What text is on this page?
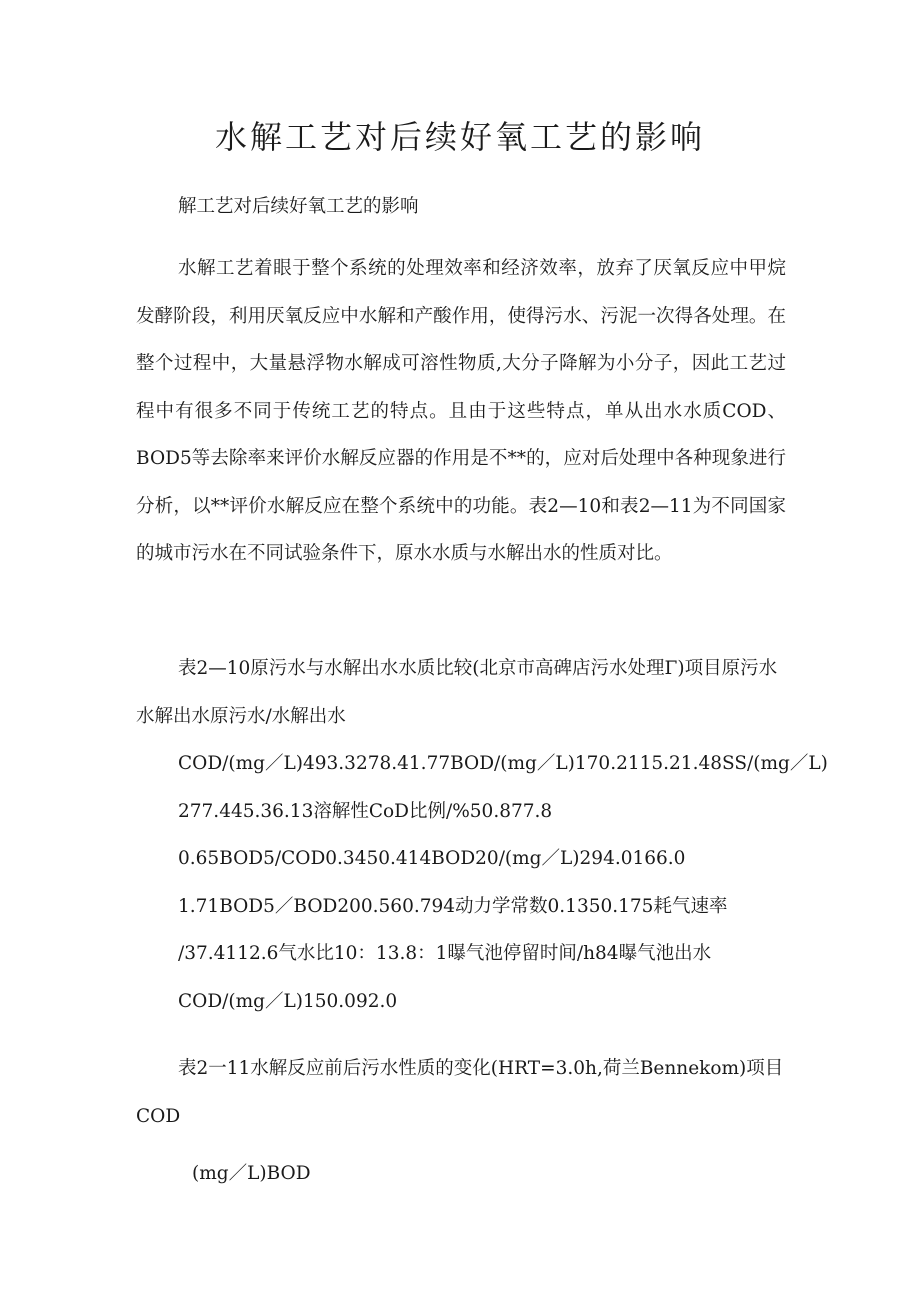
水解工艺对后续好氧工艺的影响

解工艺对后续好氧工艺的影响

水解工艺着眼于整个系统的处理效率和经济效率，放弃了厌氧反应中甲烷发酵阶段，利用厌氧反应中水解和产酸作用，使得污水、污泥一次得各处理。在整个过程中，大量悬浮物水解成可溶性物质,大分子降解为小分子，因此工艺过程中有很多不同于传统工艺的特点。且由于这些特点，单从出水水质COD、BOD5等去除率来评价水解反应器的作用是不**的，应对后处理中各种现象进行分析，以**评价水解反应在整个系统中的功能。表2—10和表2—11为不同国家的城市污水在不同试验条件下，原水水质与水解出水的性质对比。

表2—10原污水与水解出水水质比较(北京市高碑店污水处理Γ)项目原污水水解出水原污水/水解出水
COD/(mg／L)493.3278.41.77BOD/(mg／L)170.2115.21.48SS/(mg／L)
277.445.36.13溶解性CoD比例/%50.877.8
0.65BOD5/COD0.3450.414BOD20/(mg／L)294.0166.0
1.71BOD5／BOD200.560.794动力学常数0.1350.175耗气速率
/37.4112.6气水比10：13.8：1曝气池停留时间/h84曝气池出水
COD/(mg／L)150.092.0

表2一11水解反应前后污水性质的变化(HRT=3.0h,荷兰Bennekom)项目COD

(mg／L)BOD
